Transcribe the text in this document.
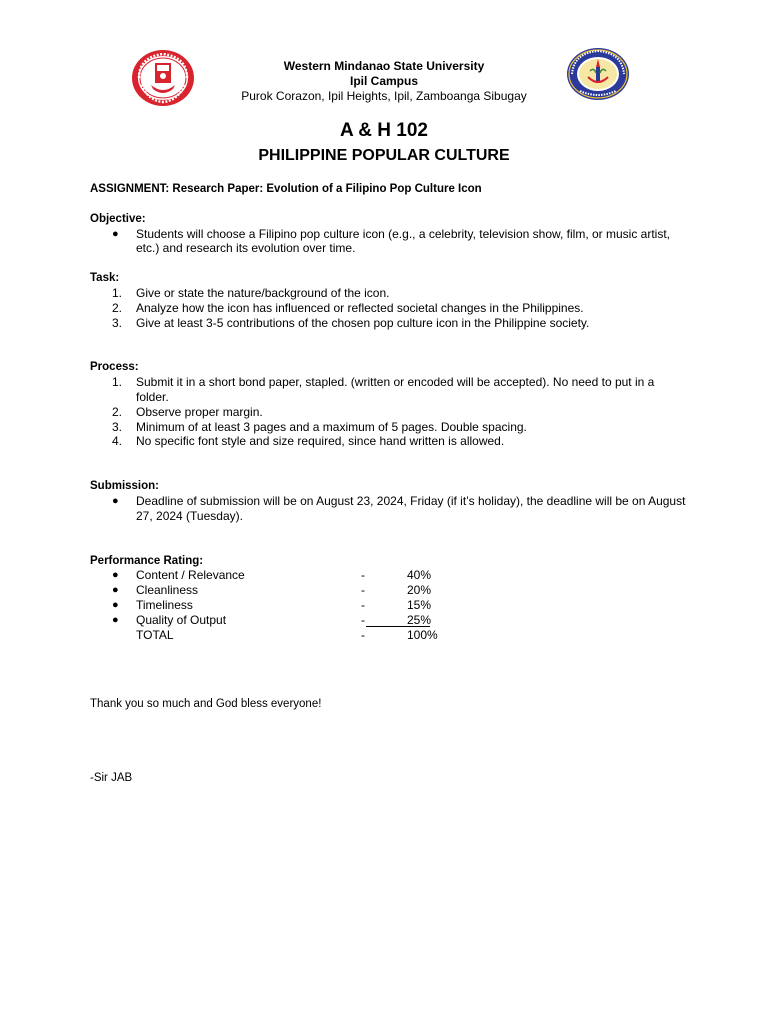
Western Mindanao State University
Ipil Campus
Purok Corazon, Ipil Heights, Ipil, Zamboanga Sibugay
A & H 102
PHILIPPINE POPULAR CULTURE
ASSIGNMENT: Research Paper: Evolution of a Filipino Pop Culture Icon
Objective:
● Students will choose a Filipino pop culture icon (e.g., a celebrity, television show, film, or music artist, etc.) and research its evolution over time.
Task:
1. Give or state the nature/background of the icon.
2. Analyze how the icon has influenced or reflected societal changes in the Philippines.
3. Give at least 3-5 contributions of the chosen pop culture icon in the Philippine society.
Process:
1. Submit it in a short bond paper, stapled. (written or encoded will be accepted). No need to put in a folder.
2. Observe proper margin.
3. Minimum of at least 3 pages and a maximum of 5 pages. Double spacing.
4. No specific font style and size required, since hand written is allowed.
Submission:
● Deadline of submission will be on August 23, 2024, Friday (if it’s holiday), the deadline will be on August 27, 2024 (Tuesday).
Performance Rating:
● Content / Relevance	-	40%
● Cleanliness	-	20%
● Timeliness	-	15%
● Quality of Output	-	25%
TOTAL	-	100%
Thank you so much and God bless everyone!
-Sir JAB
